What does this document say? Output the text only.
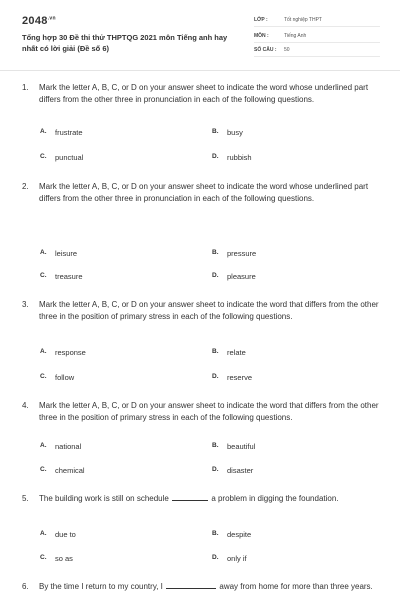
$2048^{.vn}$
Tổng hợp 30 Đề thi thử THPTQG 2021 môn Tiếng anh hay nhất có lời giải (Đề số 6)
LỚP :	Tốt nghiệp THPT
MÔN :	Tiếng Anh
SỐ CÂU : 50
1. Mark the letter A, B, C, or D on your answer sheet to indicate the word whose underlined part differs from the other three in pronunciation in each of the following questions.
A. frustrate	B. busy
C. punctual	D. rubbish
2. Mark the letter A, B, C, or D on your answer sheet to indicate the word whose underlined part differs from the other three in pronunciation in each of the following questions.
A. leisure	B. pressure
C. treasure	D. pleasure
3. Mark the letter A, B, C, or D on your answer sheet to indicate the word that differs from the other three in the position of primary stress in each of the following questions.
A. response	B. relate
C. follow	D. reserve
4. Mark the letter A, B, C, or D on your answer sheet to indicate the word that differs from the other three in the position of primary stress in each of the following questions.
A. national	B. beautiful
C. chemical	D. disaster
5. The building work is still on schedule	a problem in digging the foundation.
A. due to	B. despite
C. so as	D. only if
6. By the time I return to my country, I	away from home for more than three years.
